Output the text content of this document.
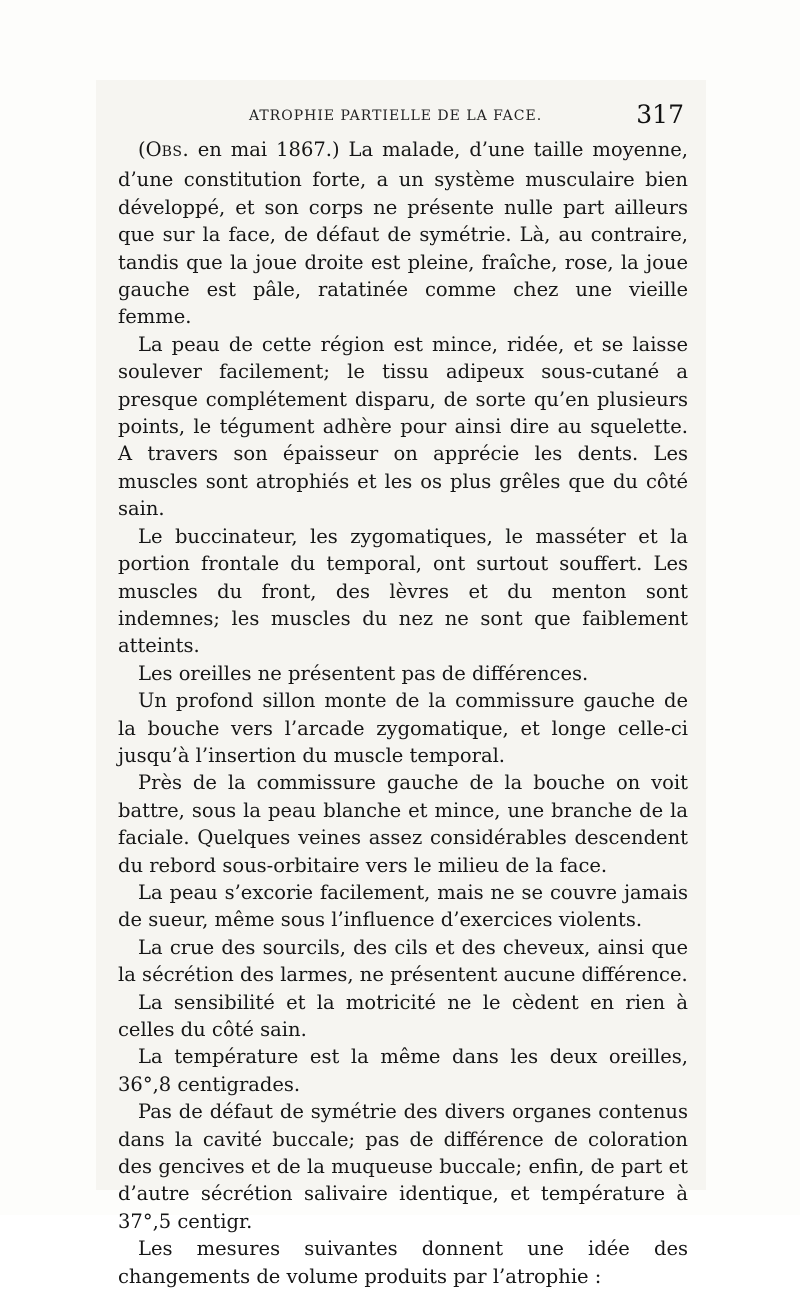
ATROPHIE PARTIELLE DE LA FACE.	317

(OBS. en mai 1867.) La malade, d’une taille moyenne, d’une constitution forte, a un système musculaire bien développé, et son corps ne présente nulle part ailleurs que sur la face, de défaut de symétrie. Là, au contraire, tandis que la joue droite est pleine, fraîche, rose, la joue gauche est pâle, ratatinée comme chez une vieille femme.

La peau de cette région est mince, ridée, et se laisse soulever facilement; le tissu adipeux sous-cutané a presque complétement disparu, de sorte qu’en plusieurs points, le tégument adhère pour ainsi dire au squelette. A travers son épaisseur on apprécie les dents. Les muscles sont atrophiés et les os plus grêles que du côté sain.

Le buccinateur, les zygomatiques, le masséter et la portion frontale du temporal, ont surtout souffert. Les muscles du front, des lèvres et du menton sont indemnes; les muscles du nez ne sont que faiblement atteints.

Les oreilles ne présentent pas de différences.

Un profond sillon monte de la commissure gauche de la bouche vers l’arcade zygomatique, et longe celle-ci jusqu’à l’insertion du muscle temporal.

Près de la commissure gauche de la bouche on voit battre, sous la peau blanche et mince, une branche de la faciale. Quelques veines assez considérables descendent du rebord sous-orbitaire vers le milieu de la face.

La peau s’excorie facilement, mais ne se couvre jamais de sueur, même sous l’influence d’exercices violents.

La crue des sourcils, des cils et des cheveux, ainsi que la sécrétion des larmes, ne présentent aucune différence.

La sensibilité et la motricité ne le cèdent en rien à celles du côté sain.

La température est la même dans les deux oreilles, 36°,8 centigrades.

Pas de défaut de symétrie des divers organes contenus dans la cavité buccale; pas de différence de coloration des gencives et de la muqueuse buccale; enfin, de part et d’autre sécrétion salivaire identique, et température à 37°,5 centigr.

Les mesures suivantes donnent une idée des changements de volume produits par l’atrophie :
